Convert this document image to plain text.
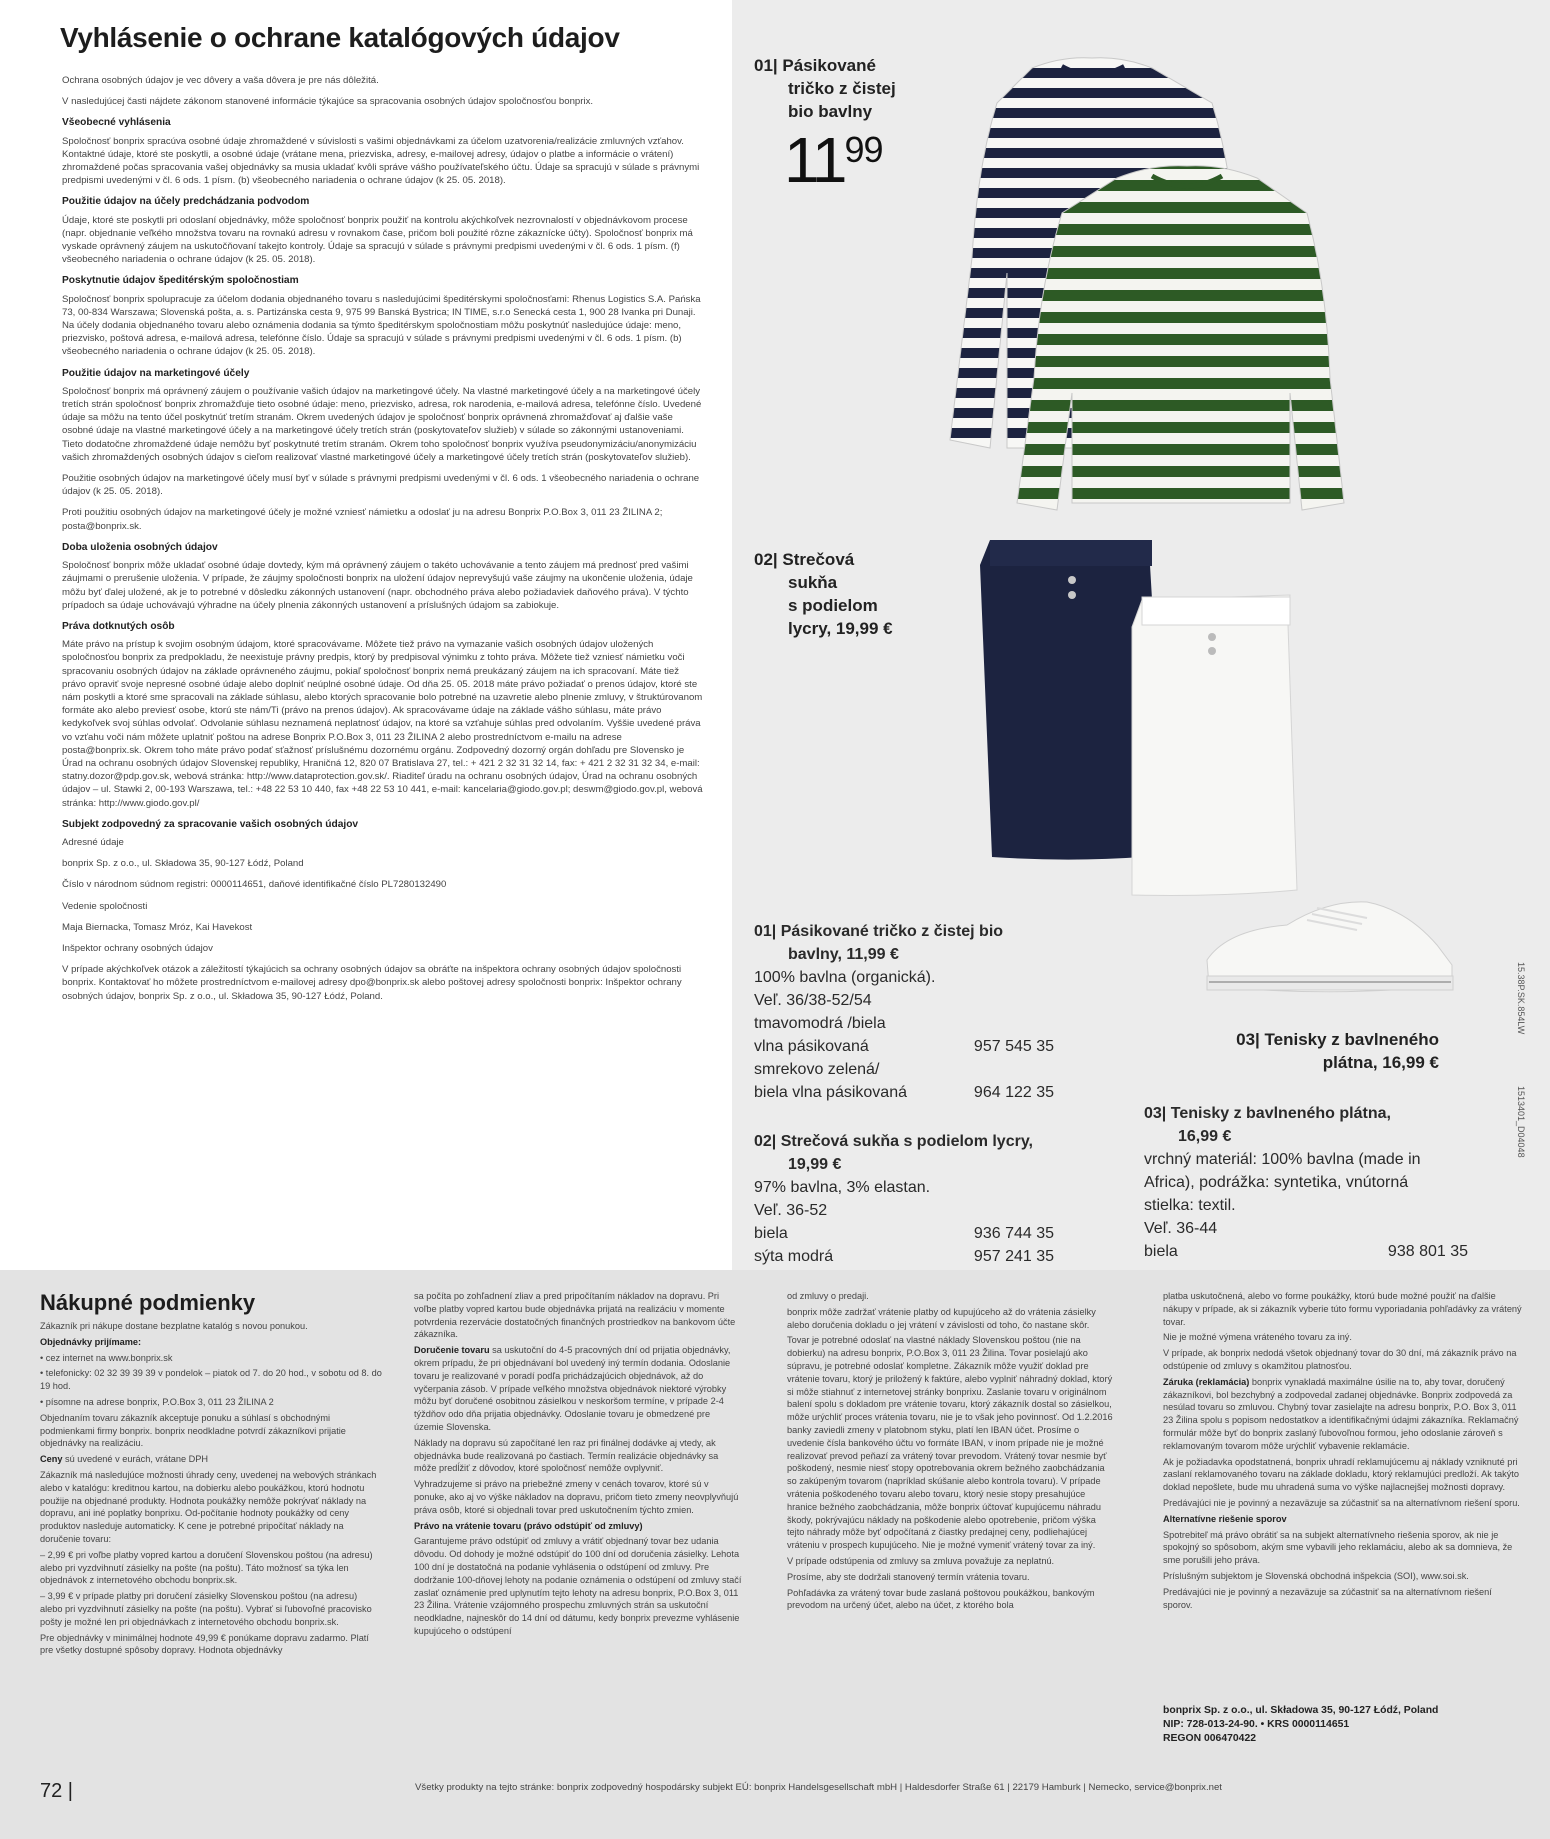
Vyhlásenie o ochrane katalógových údajov

Ochrana osobných údajov je vec dôvery a vaša dôvera je pre nás dôležitá.

V nasledujúcej časti nájdete zákonom stanovené informácie týkajúce sa spracovania osobných údajov spoločnosťou bonprix.

Všeobecné vyhlásenia

Spoločnosť bonprix spracúva osobné údaje zhromaždené v súvislosti s vašimi objednávkami za účelom uzatvorenia/realizácie zmluvných vzťahov. Kontaktné údaje, ktoré ste poskytli, a osobné údaje (vrátane mena, priezviska, adresy, e-mailovej adresy, údajov o platbe a informácie o vrátení) zhromaždené počas spracovania vašej objednávky sa musia ukladať kvôli správe vášho používateľského účtu. Údaje sa spracujú v súlade s právnymi predpismi uvedenými v čl. 6 ods. 1 písm. (b) všeobecného nariadenia o ochrane údajov (k 25. 05. 2018).

Použitie údajov na účely predchádzania podvodom

Údaje, ktoré ste poskytli pri odoslaní objednávky, môže spoločnosť bonprix použiť na kontrolu akýchkoľvek nezrovnalostí v objednávkovom procese (napr. objednanie veľkého množstva tovaru na rovnakú adresu v rovnakom čase, pričom boli použité rôzne zákaznícke účty). Spoločnosť bonprix má vyskade oprávnený záujem na uskutočňovaní takejto kontroly. Údaje sa spracujú v súlade s právnymi predpismi uvedenými v čl. 6 ods. 1 písm. (f) všeobecného nariadenia o ochrane údajov (k 25. 05. 2018).

Poskytnutie údajov špeditérským spoločnostiam

Spoločnosť bonprix spolupracuje za účelom dodania objednaného tovaru s nasledujúcimi špeditérskymi spoločnosťami: Rhenus Logistics S.A. Pańska 73, 00-834 Warszawa; Slovenská pošta, a. s. Partizánska cesta 9, 975 99 Banská Bystrica; IN TIME, s.r.o Senecká cesta 1, 900 28 Ivanka pri Dunaji. Na účely dodania objednaného tovaru alebo oznámenia dodania sa týmto špeditérskym spoločnostiam môžu poskytnúť nasledujúce údaje: meno, priezvisko, poštová adresa, e-mailová adresa, telefónne číslo. Údaje sa spracujú v súlade s právnymi predpismi uvedenými v čl. 6 ods. 1 písm. (b) všeobecného nariadenia o ochrane údajov (k 25. 05. 2018).

Použitie údajov na marketingové účely

Spoločnosť bonprix má oprávnený záujem o používanie vašich údajov na marketingové účely. Na vlastné marketingové účely a na marketingové účely tretích strán spoločnosť bonprix zhromažďuje tieto osobné údaje: meno, priezvisko, adresa, rok narodenia, e-mailová adresa, telefónne číslo. Uvedené údaje sa môžu na tento účel poskytnúť tretím stranám. Okrem uvedených údajov je spoločnosť bonprix oprávnená zhromažďovať aj ďalšie vaše osobné údaje na vlastné marketingové účely a na marketingové účely tretích strán (poskytovateľov služieb) v súlade so zákonnými ustanoveniami. Tieto dodatočne zhromaždené údaje nemôžu byť poskytnuté tretím stranám. Okrem toho spoločnosť bonprix využíva pseudonymizáciu/anonymizáciu vašich zhromaždených osobných údajov s cieľom realizovať vlastné marketingové účely a marketingové účely tretích strán (poskytovateľov služieb).

Použitie osobných údajov na marketingové účely musí byť v súlade s právnymi predpismi uvedenými v čl. 6 ods. 1 všeobecného nariadenia o ochrane údajov (k 25. 05. 2018).

Proti použitiu osobných údajov na marketingové účely je možné vzniesť námietku a odoslať ju na adresu Bonprix P.O.Box 3, 011 23 ŽILINA 2; posta@bonprix.sk.

Doba uloženia osobných údajov

Spoločnosť bonprix môže ukladať osobné údaje dovtedy, kým má oprávnený záujem o takéto uchovávanie a tento záujem má prednosť pred vašimi záujmami o prerušenie uloženia. V prípade, že záujmy spoločnosti bonprix na uložení údajov neprevyšujú vaše záujmy na ukončenie uloženia, údaje môžu byť ďalej uložené, ak je to potrebné v dôsledku zákonných ustanovení (napr. obchodného práva alebo požiadaviek daňového práva). V týchto prípadoch sa údaje uchovávajú výhradne na účely plnenia zákonných ustanovení a príslušných údajom sa zabiokuje.

Práva dotknutých osôb

Máte právo na prístup k svojim osobným údajom, ktoré spracovávame. Môžete tiež právo na vymazanie vašich osobných údajov uložených spoločnosťou bonprix za predpokladu, že neexistuje právny predpis, ktorý by predpisoval výnimku z tohto práva. Môžete tiež vzniesť námietku voči spracovaniu osobných údajov na základe oprávneného záujmu, pokiaľ spoločnosť bonprix nemá preukázaný záujem na ich spracovaní. Máte tiež právo opraviť svoje nepresné osobné údaje alebo doplniť neúplné osobné údaje. Od dňa 25. 05. 2018 máte právo požiadať o prenos údajov, ktoré ste nám poskytli a ktoré sme spracovali na základe súhlasu, alebo ktorých spracovanie bolo potrebné na uzavretie alebo plnenie zmluvy, v štruktúrovanom formáte ako alebo previesť osobe, ktorú ste nám/Ti (právo na prenos údajov). Ak spracovávame údaje na základe vášho súhlasu, máte právo kedykoľvek svoj súhlas odvolať. Odvolanie súhlasu neznamená neplatnosť údajov, na ktoré sa vzťahuje súhlas pred odvolaním. Vyššie uvedené práva vo vzťahu voči nám môžete uplatniť poštou na adrese Bonprix P.O.Box 3, 011 23 ŽILINA 2 alebo prostredníctvom e-mailu na adrese posta@bonprix.sk. Okrem toho máte právo podať sťažnosť príslušnému dozornému orgánu. Zodpovedný dozorný orgán dohľadu pre Slovensko je Úrad na ochranu osobných údajov Slovenskej republiky, Hraničná 12, 820 07 Bratislava 27, tel.: + 421 2 32 31 32 14, fax: + 421 2 32 31 32 34, e-mail: statny.dozor@pdp.gov.sk, webová stránka: http://www.dataprotection.gov.sk/. Riaditeľ úradu na ochranu osobných údajov, Úrad na ochranu osobných údajov – ul. Stawki 2, 00-193 Warszawa, tel.: +48 22 53 10 440, fax +48 22 53 10 441, e-mail: kancelaria@giodo.gov.pl; deswm@giodo.gov.pl, webová stránka: http://www.giodo.gov.pl/

Subjekt zodpovedný za spracovanie vašich osobných údajov

Adresné údaje

bonprix Sp. z o.o., ul. Składowa 35, 90-127 Łódź, Poland

Číslo v národnom súdnom registri: 0000114651, daňové identifikačné číslo PL7280132490

Vedenie spoločnosti

Maja Biernacka, Tomasz Mróz, Kai Havekost

Inšpektor ochrany osobných údajov

V prípade akýchkoľvek otázok a záležitostí týkajúcich sa ochrany osobných údajov sa obráťte na inšpektora ochrany osobných údajov spoločnosti bonprix. Kontaktovať ho môžete prostredníctvom e-mailovej adresy dpo@bonprix.sk alebo poštovej adresy spoločnosti bonprix: Inšpektor ochrany osobných údajov, bonprix Sp. z o.o., ul. Składowa 35, 90-127 Łódź, Poland.

01| Pásikované
tričko z čistej
bio bavlny
$11^{99}$
02| Strečová
sukňa
s podielom
lycry, 19,99 €
03| Tenisky z bavlneného
plátna, 16,99 €
01| Pásikované tričko z čistej bio
bavlny, 11,99 €
100% bavlna (organická).
Veľ. 36/38-52/54
tmavomodrá /biela
vlna pásikovaná	957 545 35
smrekovo zelená/
biela vlna pásikovaná	964 122 35
02| Strečová sukňa s podielom lycry,
19,99 €
97% bavlna, 3% elastan.
Veľ. 36-52
biela	936 744 35
sýta modrá	957 241 35
03| Tenisky z bavlneného plátna,
16,99 €
vrchný materiál: 100% bavlna (made in
Africa), podrážka: syntetika, vnútorná
stielka: textil.
Veľ. 36-44
biela	938 801 35
15.38P.SK.854LW
1513401_D04048
Nákupné podmienky

Zákazník pri nákupe dostane bezplatne katalóg s novou ponukou.

Objednávky prijímame:

• cez internet na www.bonprix.sk

• telefonicky: 02 32 39 39 39 v pondelok – piatok od 7. do 20 hod., v sobotu od 8. do 19 hod.

• písomne na adrese bonprix, P.O.Box 3, 011 23 ŽILINA 2

Objednaním tovaru zákazník akceptuje ponuku a súhlasí s obchodnými podmienkami firmy bonprix. bonprix neodkladne potvrdí zákazníkovi prijatie objednávky na realizáciu.

Ceny sú uvedené v eurách, vrátane DPH

Zákazník má nasledujúce možnosti úhrady ceny, uvedenej na webových stránkach alebo v katalógu: kreditnou kartou, na dobierku alebo poukážkou, ktorú hodnotu použije na objednané produkty. Hodnota poukážky nemôže pokrývať náklady na dopravu, ani iné poplatky bonprixu. Od-počítanie hodnoty poukážky od ceny produktov nasleduje automaticky. K cene je potrebné pripočítať náklady na doručenie tovaru:

– 2,99 € pri voľbe platby vopred kartou a doručení Slovenskou poštou (na adresu) alebo pri vyzdvihnutí zásielky na pošte (na poštu). Táto možnosť sa týka len objednávok z internetového obchodu bonprix.sk.

– 3,99 € v prípade platby pri doručení zásielky Slovenskou poštou (na adresu) alebo pri vyzdvihnutí zásielky na pošte (na poštu). Vybrať si ľubovoľné pracovisko pošty je možné len pri objednávkach z internetového obchodu bonprix.sk.

Pre objednávky v minimálnej hodnote 49,99 € ponúkame dopravu zadarmo. Platí pre všetky dostupné spôsoby dopravy. Hodnota objednávky

sa počíta po zohľadnení zliav a pred pripočítaním nákladov na dopravu. Pri voľbe platby vopred kartou bude objednávka prijatá na realizáciu v momente potvrdenia rezervácie dostatočných finančných prostriedkov na bankovom účte zákazníka.

Doručenie tovaru sa uskutoční do 4-5 pracovných dní od prijatia objednávky, okrem prípadu, že pri objednávaní bol uvedený iný termín dodania. Odoslanie tovaru je realizované v poradí podľa prichádzajúcich objednávok, až do vyčerpania zásob. V prípade veľkého množstva objednávok niektoré výrobky môžu byť doručené osobitnou zásielkou v neskoršom termíne, v prípade 2-4 týždňov odo dňa prijatia objednávky. Odoslanie tovaru je obmedzené pre územie Slovenska.

Náklady na dopravu sú započítané len raz pri finálnej dodávke aj vtedy, ak objednávka bude realizovaná po častiach. Termín realizácie objednávky sa môže predĺžiť z dôvodov, ktoré spoločnosť nemôže ovplyvniť.

Vyhradzujeme si právo na priebežné zmeny v cenách tovarov, ktoré sú v ponuke, ako aj vo výške nákladov na dopravu, pričom tieto zmeny neovplyvňujú práva osôb, ktoré si objednali tovar pred uskutočnením týchto zmien.

Právo na vrátenie tovaru (právo odstúpiť od zmluvy)

Garantujeme právo odstúpiť od zmluvy a vrátiť objednaný tovar bez udania dôvodu. Od dohody je možné odstúpiť do 100 dní od doručenia zásielky. Lehota 100 dní je dostatočná na podanie vyhlásenia o odstúpení od zmluvy. Pre dodržanie 100-dňovej lehoty na podanie oznámenia o odstúpení od zmluvy stačí zaslať oznámenie pred uplynutím tejto lehoty na adresu bonprix, P.O.Box 3, 011 23 Žilina. Vrátenie vzájomného prospechu zmluvných strán sa uskutoční neodkladne, najneskôr do 14 dní od dátumu, kedy bonprix prevezme vyhlásenie kupujúceho o odstúpení

od zmluvy o predaji.

bonprix môže zadržať vrátenie platby od kupujúceho až do vrátenia zásielky alebo doručenia dokladu o jej vrátení v závislosti od toho, čo nastane skôr.

Tovar je potrebné odoslať na vlastné náklady Slovenskou poštou (nie na dobierku) na adresu bonprix, P.O.Box 3, 011 23 Žilina. Tovar posielajú ako súpravu, je potrebné odoslať kompletne. Zákazník môže využiť doklad pre vrátenie tovaru, ktorý je priložený k faktúre, alebo vyplniť náhradný doklad, ktorý si môže stiahnuť z internetovej stránky bonprixu. Zaslanie tovaru v originálnom balení spolu s dokladom pre vrátenie tovaru, ktorý zákazník dostal so zásielkou, môže urýchliť proces vrátenia tovaru, nie je to však jeho povinnosť. Od 1.2.2016 banky zaviedli zmeny v platobnom styku, platí len IBAN účet. Prosíme o uvedenie čísla bankového účtu vo formáte IBAN, v inom prípade nie je možné realizovať prevod peňazí za vrátený tovar prevodom. Vrátený tovar nesmie byť poškodený, nesmie niesť stopy opotrebovania okrem bežného zaobchádzania so zakúpeným tovarom (napríklad skúšanie alebo kontrola tovaru). V prípade vrátenia poškodeného tovaru alebo tovaru, ktorý nesie stopy presahujúce hranice bežného zaobchádzania, môže bonprix účtovať kupujúcemu náhradu škody, pokrývajúcu náklady na poškodenie alebo opotrebenie, pričom výška tejto náhrady môže byť odpočítaná z čiastky predajnej ceny, podliehajúcej vráteniu v prospech kupujúceho. Nie je možné vymeniť vrátený tovar za iný.

V prípade odstúpenia od zmluvy sa zmluva považuje za neplatnú.

Prosíme, aby ste dodržali stanovený termín vrátenia tovaru.

Pohľadávka za vrátený tovar bude zaslaná poštovou poukážkou, bankovým prevodom na určený účet, alebo na účet, z ktorého bola

platba uskutočnená, alebo vo forme poukážky, ktorú bude možné použiť na ďalšie nákupy v prípade, ak si zákazník vyberie túto formu vyporiadania pohľadávky za vrátený tovar.

Nie je možné výmena vráteného tovaru za iný.

V prípade, ak bonprix nedodá všetok objednaný tovar do 30 dní, má zákazník právo na odstúpenie od zmluvy s okamžitou platnosťou.

Záruka (reklamácia) bonprix vynakladá maximálne úsilie na to, aby tovar, doručený zákazníkovi, bol bezchybný a zodpovedal zadanej objednávke. Bonprix zodpovedá za nesúlad tovaru so zmluvou. Chybný tovar zasielajte na adresu bonprix, P.O. Box 3, 011 23 Žilina spolu s popisom nedostatkov a identifikačnými údajmi zákazníka. Reklamačný formulár môže byť do bonprix zaslaný ľubovoľnou formou, jeho odoslanie zároveň s reklamovaným tovarom môže urýchliť vybavenie reklamácie.

Ak je požiadavka opodstatnená, bonprix uhradí reklamujúcemu aj náklady vzniknuté pri zaslaní reklamovaného tovaru na základe dokladu, ktorý reklamujúci predloží. Ak takýto doklad nepošlete, bude mu uhradená suma vo výške najlacnejšej možnosti dopravy.

Predávajúci nie je povinný a nezaväzuje sa zúčastniť sa na alternatívnom riešení sporu.

Alternatívne riešenie sporov

Spotrebiteľ má právo obrátiť sa na subjekt alternatívneho riešenia sporov, ak nie je spokojný so spôsobom, akým sme vybavili jeho reklamáciu, alebo ak sa domnieva, že sme porušili jeho práva.

Príslušným subjektom je Slovenská obchodná inšpekcia (SOI), www.soi.sk.

Predávajúci nie je povinný a nezaväzuje sa zúčastniť sa na alternatívnom riešení sporov.

bonprix Sp. z o.o., ul. Składowa 35, 90-127 Łódź, Poland
NIP: 728-013-24-90. • KRS 0000114651
REGON 006470422
72 |	Všetky produkty na tejto stránke: bonprix zodpovedný hospodársky subjekt EÚ: bonprix Handelsgesellschaft mbH | Haldesdorfer Straße 61 | 22179 Hamburk | Nemecko, service@bonprix.net
